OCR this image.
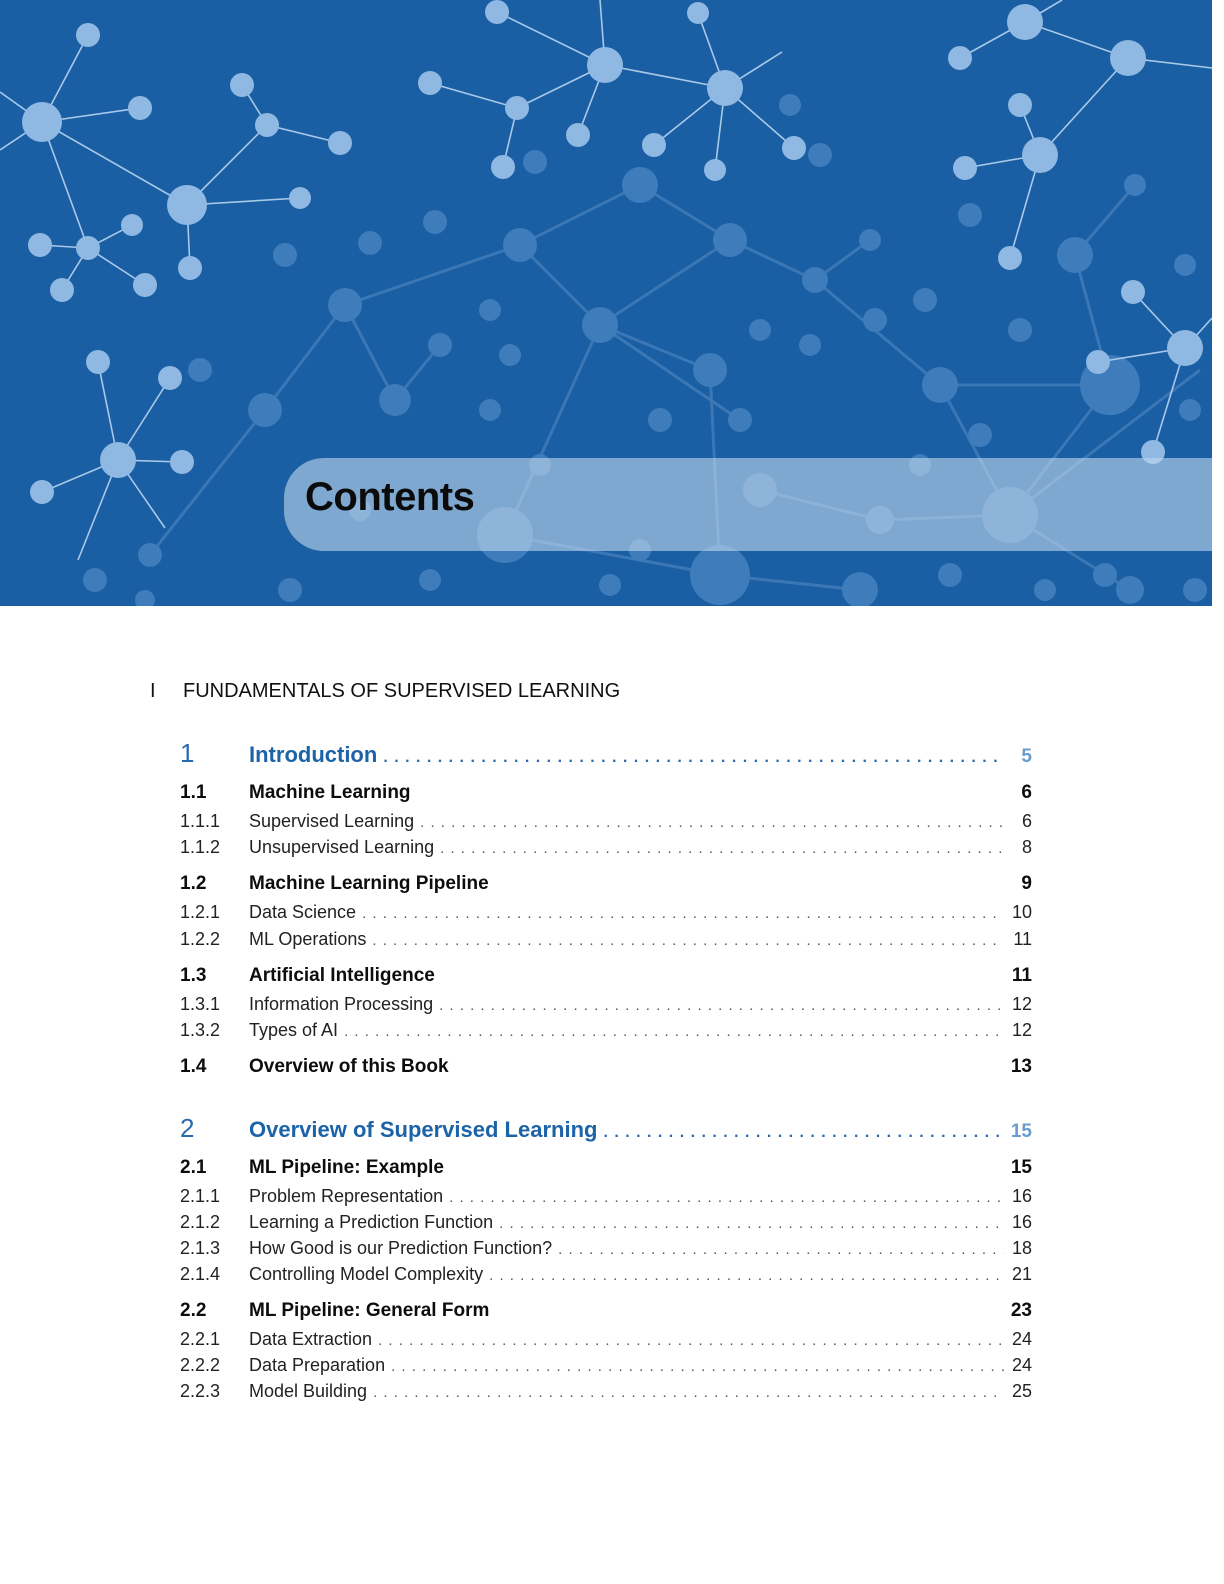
Contents
I FUNDAMENTALS OF SUPERVISED LEARNING
1	Introduction . . .	5
1.1	Machine Learning	6
1.1.1	Supervised Learning . . .	6
1.1.2	Unsupervised Learning . . .	8
1.2	Machine Learning Pipeline	9
1.2.1	Data Science . . .	10
1.2.2	ML Operations . . .	11
1.3	Artificial Intelligence	11
1.3.1	Information Processing . . .	12
1.3.2	Types of AI . . .	12
1.4	Overview of this Book	13
2	Overview of Supervised Learning . . .	15
2.1	ML Pipeline: Example	15
2.1.1	Problem Representation . . .	16
2.1.2	Learning a Prediction Function . . .	16
2.1.3	How Good is our Prediction Function? . . .	18
2.1.4	Controlling Model Complexity . . .	21
2.2	ML Pipeline: General Form	23
2.2.1	Data Extraction . . .	24
2.2.2	Data Preparation . . .	24
2.2.3	Model Building . . .	25
